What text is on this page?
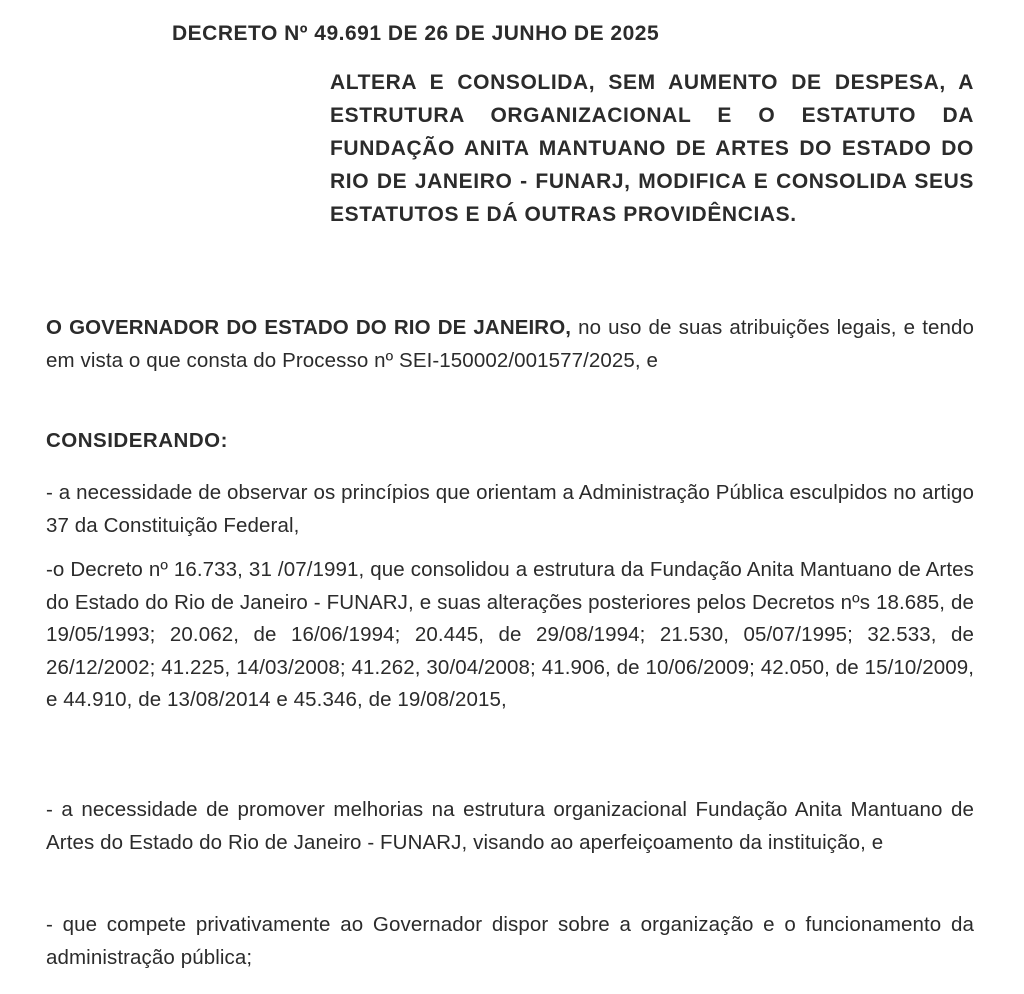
DECRETO Nº 49.691 DE 26 DE JUNHO DE 2025
ALTERA E CONSOLIDA, SEM AUMENTO DE DESPESA, A ESTRUTURA ORGANIZACIONAL E O ESTATUTO DA FUNDAÇÃO ANITA MANTUANO DE ARTES DO ESTADO DO RIO DE JANEIRO - FUNARJ, MODIFICA E CONSOLIDA SEUS ESTATUTOS E DÁ OUTRAS PROVIDÊNCIAS.
O GOVERNADOR DO ESTADO DO RIO DE JANEIRO, no uso de suas atribuições legais, e tendo em vista o que consta do Processo nº SEI-150002/001577/2025, e
CONSIDERANDO:

- a necessidade de observar os princípios que orientam a Administração Pública esculpidos no artigo 37 da Constituição Federal,

-o Decreto nº 16.733, 31 /07/1991, que consolidou a estrutura da Fundação Anita Mantuano de Artes do Estado do Rio de Janeiro - FUNARJ, e suas alterações posteriores pelos Decretos nºs 18.685, de 19/05/1993; 20.062, de 16/06/1994; 20.445, de 29/08/1994; 21.530, 05/07/1995; 32.533, de 26/12/2002; 41.225, 14/03/2008; 41.262, 30/04/2008; 41.906, de 10/06/2009; 42.050, de 15/10/2009, e 44.910, de 13/08/2014 e 45.346, de 19/08/2015,

- a necessidade de promover melhorias na estrutura organizacional Fundação Anita Mantuano de Artes do Estado do Rio de Janeiro - FUNARJ, visando ao aperfeiçoamento da instituição, e

- que compete privativamente ao Governador dispor sobre a organização e o funcionamento da administração pública;
